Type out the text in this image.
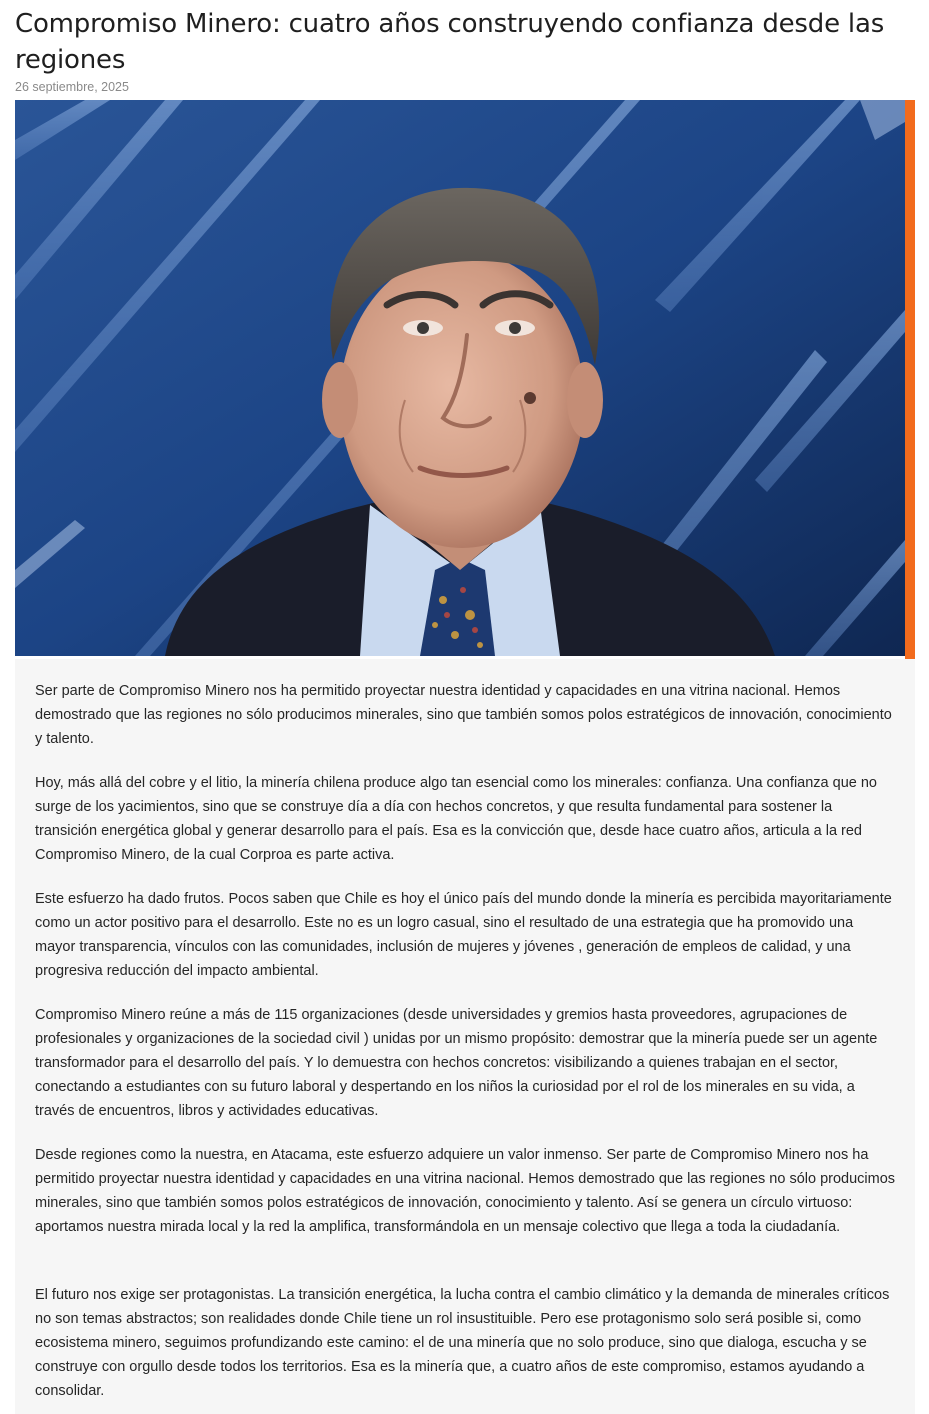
Compromiso Minero: cuatro años construyendo confianza desde las regiones
26 septiembre, 2025

Ser parte de Compromiso Minero nos ha permitido proyectar nuestra identidad y capacidades en una vitrina nacional. Hemos demostrado que las regiones no sólo producimos minerales, sino que también somos polos estratégicos de innovación, conocimiento y talento.

Hoy, más allá del cobre y el litio, la minería chilena produce algo tan esencial como los minerales: confianza. Una confianza que no surge de los yacimientos, sino que se construye día a día con hechos concretos, y que resulta fundamental para sostener la transición energética global y generar desarrollo para el país. Esa es la convicción que, desde hace cuatro años, articula a la red Compromiso Minero, de la cual Corproa es parte activa.

Este esfuerzo ha dado frutos. Pocos saben que Chile es hoy el único país del mundo donde la minería es percibida mayoritariamente como un actor positivo para el desarrollo. Este no es un logro casual, sino el resultado de una estrategia que ha promovido una mayor transparencia, vínculos con las comunidades, inclusión de mujeres y jóvenes , generación de empleos de calidad, y una progresiva reducción del impacto ambiental.

Compromiso Minero reúne a más de 115 organizaciones (desde universidades y gremios hasta proveedores, agrupaciones de profesionales y organizaciones de la sociedad civil ) unidas por un mismo propósito: demostrar que la minería puede ser un agente transformador para el desarrollo del país. Y lo demuestra con hechos concretos: visibilizando a quienes trabajan en el sector, conectando a estudiantes con su futuro laboral y despertando en los niños la curiosidad por el rol de los minerales en su vida, a través de encuentros, libros y actividades educativas.

Desde regiones como la nuestra, en Atacama, este esfuerzo adquiere un valor inmenso. Ser parte de Compromiso Minero nos ha permitido proyectar nuestra identidad y capacidades en una vitrina nacional. Hemos demostrado que las regiones no sólo producimos minerales, sino que también somos polos estratégicos de innovación, conocimiento y talento. Así se genera un círculo virtuoso: aportamos nuestra mirada local y la red la amplifica, transformándola en un mensaje colectivo que llega a toda la ciudadanía.

El futuro nos exige ser protagonistas. La transición energética, la lucha contra el cambio climático y la demanda de minerales críticos no son temas abstractos; son realidades donde Chile tiene un rol insustituible. Pero ese protagonismo solo será posible si, como ecosistema minero, seguimos profundizando este camino: el de una minería que no solo produce, sino que dialoga, escucha y se construye con orgullo desde todos los territorios. Esa es la minería que, a cuatro años de este compromiso, estamos ayudando a consolidar.
